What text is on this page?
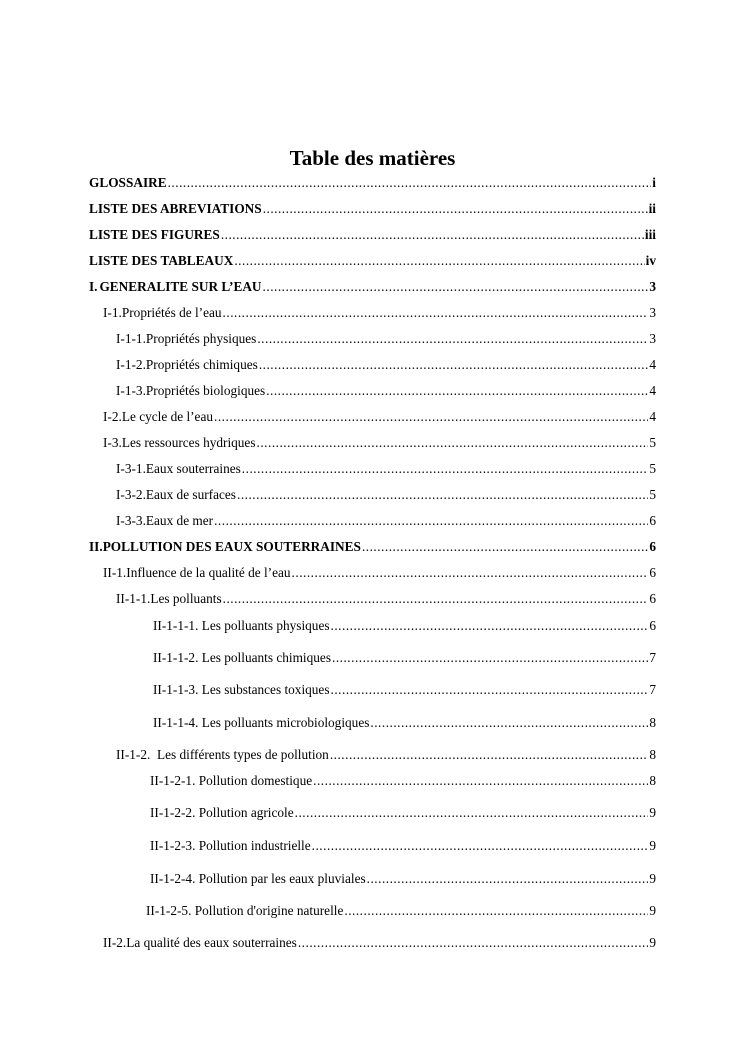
Table des matières
GLOSSAIRE .....	i
LISTE DES ABREVIATIONS .....	ii
LISTE DES FIGURES .....	iii
LISTE DES TABLEAUX .....	iv
I. GENERALITE SUR L’EAU .....	3
I-1. Propriétés de l’eau .....	3
I-1-1. Propriétés physiques .....	3
I-1-2. Propriétés chimiques .....	4
I-1-3. Propriétés biologiques .....	4
I-2. Le cycle de l’eau .....	4
I-3. Les ressources hydriques .....	5
I-3-1. Eaux souterraines .....	5
I-3-2. Eaux de surfaces .....	5
I-3-3. Eaux de mer .....	6
II. POLLUTION DES EAUX SOUTERRAINES .....	6
II-1. Influence de la qualité de l’eau .....	6
II-1-1. Les polluants .....	6
II-1-1-1. Les polluants physiques .....	6
II-1-1-2. Les polluants chimiques .....	7
II-1-1-3. Les substances toxiques .....	7
II-1-1-4. Les polluants microbiologiques .....	8
II-1-2.  Les différents types de pollution .....	8
II-1-2-1. Pollution domestique .....	8
II-1-2-2. Pollution agricole .....	9
II-1-2-3. Pollution industrielle .....	9
II-1-2-4. Pollution par les eaux pluviales .....	9
II-1-2-5. Pollution d'origine naturelle .....	9
II-2. La qualité des eaux souterraines .....	9
